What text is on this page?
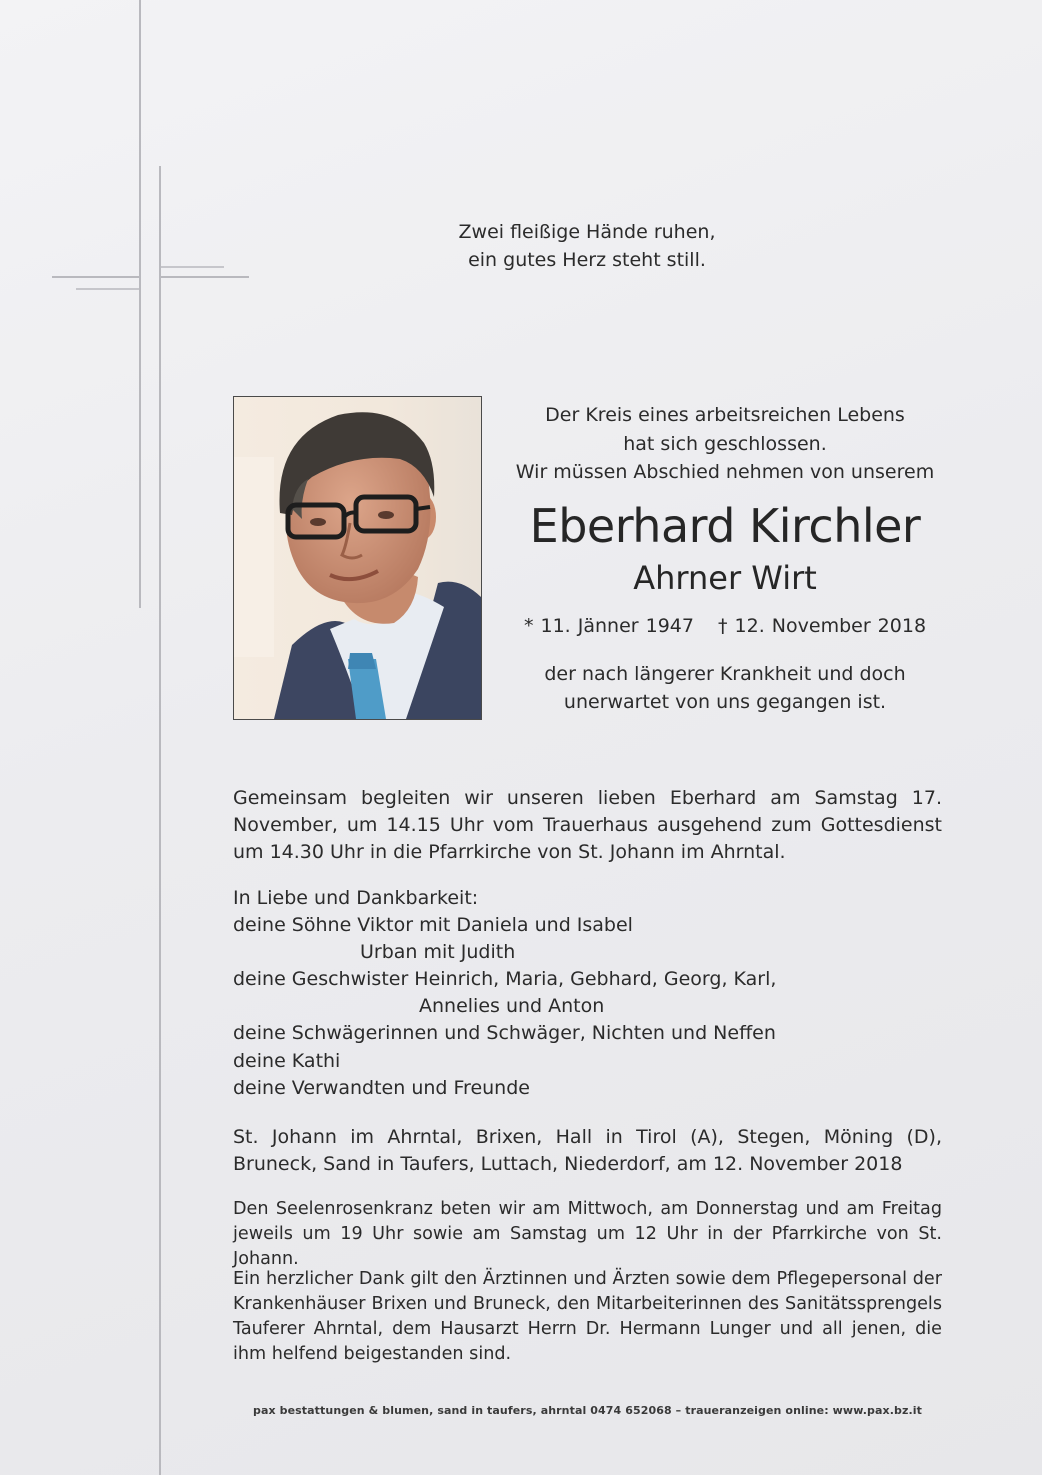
Zwei fleißige Hände ruhen,
ein gutes Herz steht still.
Der Kreis eines arbeitsreichen Lebens
hat sich geschlossen.
Wir müssen Abschied nehmen von unserem
Eberhard Kirchler
Ahrner Wirt
* 11. Jänner 1947 † 12. November 2018
der nach längerer Krankheit und doch
unerwartet von uns gegangen ist.
Gemeinsam begleiten wir unseren lieben Eberhard am Samstag 17. November, um 14.15 Uhr vom Trauerhaus ausgehend zum Gottesdienst um 14.30 Uhr in die Pfarrkirche von St. Johann im Ahrntal.
In Liebe und Dankbarkeit:
deine Söhne Viktor mit Daniela und Isabel
Urban mit Judith
deine Geschwister Heinrich, Maria, Gebhard, Georg, Karl,
Annelies und Anton
deine Schwägerinnen und Schwäger, Nichten und Neffen
deine Kathi
deine Verwandten und Freunde
St. Johann im Ahrntal, Brixen, Hall in Tirol (A), Stegen, Möning (D), Bruneck, Sand in Taufers, Luttach, Niederdorf, am 12. November 2018
Den Seelenrosenkranz beten wir am Mittwoch, am Donnerstag und am Freitag jeweils um 19 Uhr sowie am Samstag um 12 Uhr in der Pfarrkirche von St. Johann.
Ein herzlicher Dank gilt den Ärztinnen und Ärzten sowie dem Pflegepersonal der Krankenhäuser Brixen und Bruneck, den Mitarbeiterinnen des Sanitätssprengels Tauferer Ahrntal, dem Hausarzt Herrn Dr. Hermann Lunger und all jenen, die ihm helfend beigestanden sind.
pax bestattungen & blumen, sand in taufers, ahrntal 0474 652068 – traueranzeigen online: www.pax.bz.it
